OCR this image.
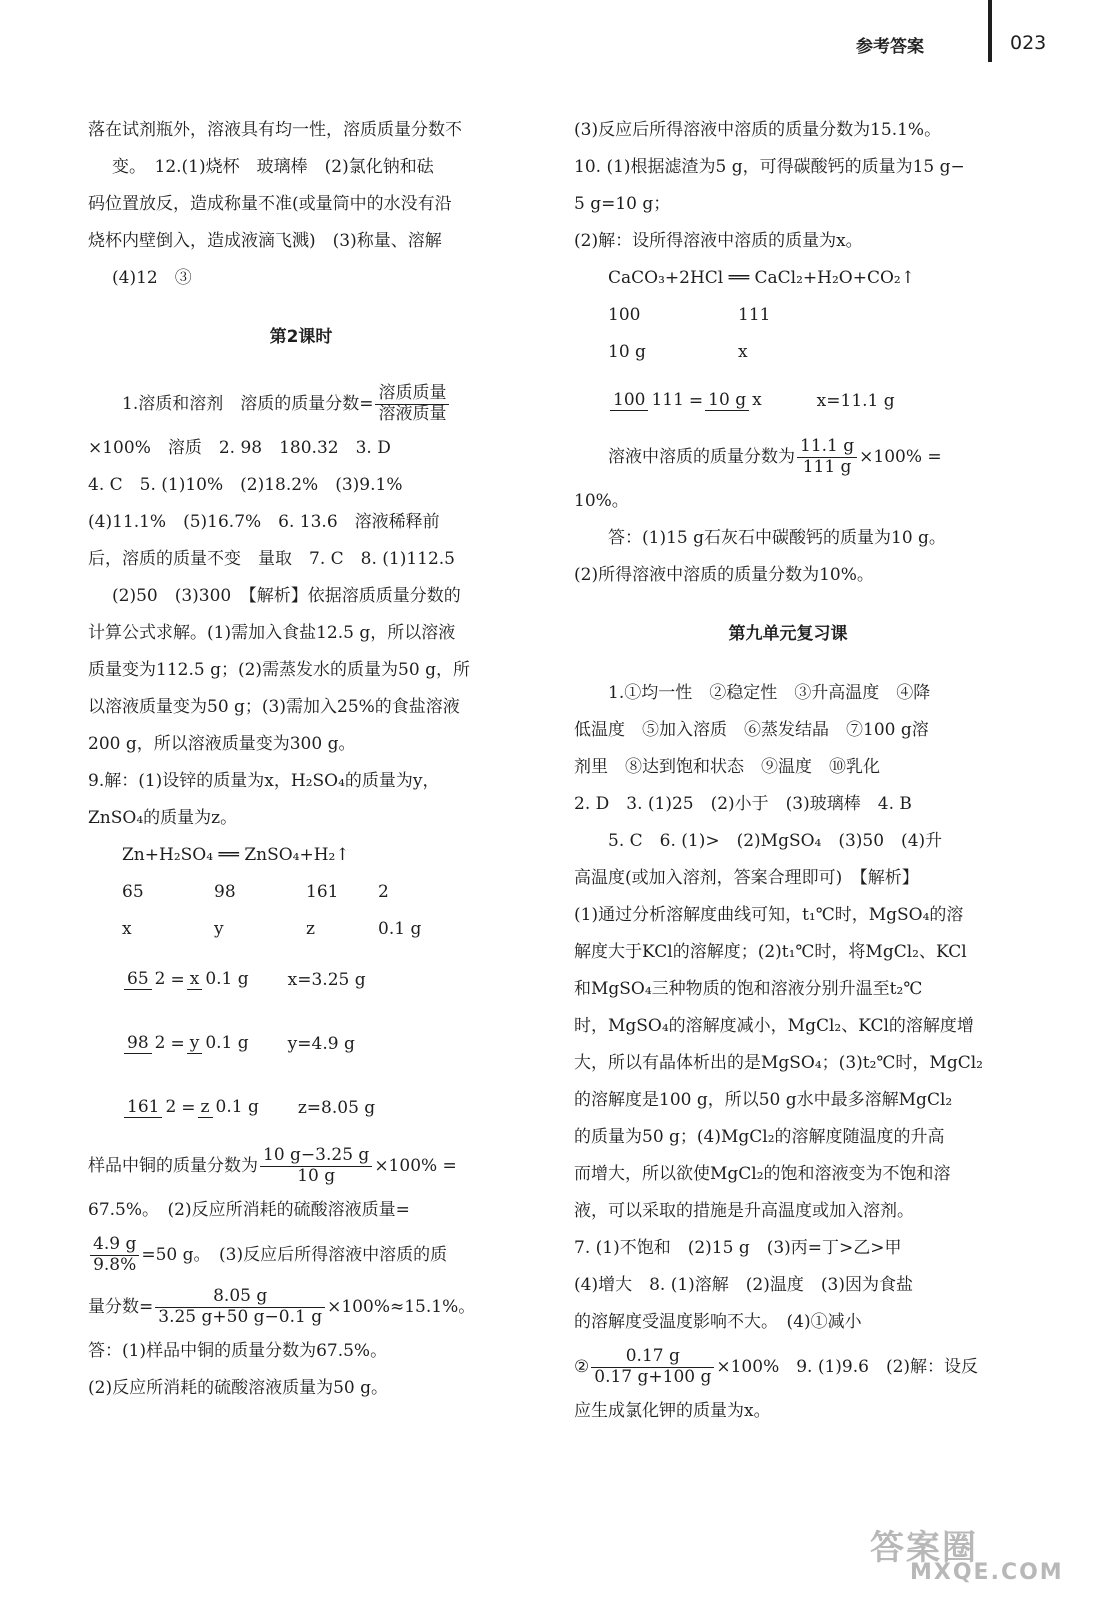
参考答案	023
落在试剂瓶外，溶液具有均一性，溶质质量分数不
变。　12.(1)烧杯　玻璃棒　(2)氯化钠和砝
码位置放反，造成称量不准(或量筒中的水没有沿
烧杯内壁倒入，造成液滴飞溅)　(3)称量、溶解
(4)12　③
第2课时
1.溶质和溶剂　溶质的质量分数= $\frac{\text{溶质质量}}{\text{溶液质量}}$
×100%　溶质　2. 98　180.32　3. D
4. C　5. (1)10%　(2)18.2%　(3)9.1%
(4)11.1%　(5)16.7%　6. 13.6　溶液稀释前
后，溶质的质量不变　量取　7. C　8. (1)112.5
(2)50　(3)300　【解析】依据溶质质量分数的
计算公式求解。(1)需加入食盐12.5 g，所以溶液
质量变为112.5 g；(2)需蒸发水的质量为50 g，所
以溶液质量变为50 g；(3)需加入25%的食盐溶液
200 g，所以溶液质量变为300 g。
9.解：(1)设锌的质量为x，H₂SO₄的质量为y，
ZnSO₄的质量为z。
Zn+H₂SO₄ ══ ZnSO₄+H₂↑
65	98	161	2
x	y	z	0.1 g
65 2 = x 0.1 g x=3.25 g
98 2 = y 0.1 g y=4.9 g
161 2 = z 0.1 g z=8.05 g
样品中铜的质量分数为 $\frac{10 g-3.25 g}{10 g} \times 100\%$ =
67.5%。　(2)反应所消耗的硫酸溶液质量=
$\frac{4.9 g}{9.8\%} =50$ g。　(3)反应后所得溶液中溶质的质
量分数= $\frac{8.05 g}{3.25 g+50 g-0.1 g} \times 100\%\approx 15.1\%$。
答：(1)样品中铜的质量分数为67.5%。
(2)反应所消耗的硫酸溶液质量为50 g。
(3)反应后所得溶液中溶质的质量分数为15.1%。
10. (1)根据滤渣为5 g，可得碳酸钙的质量为15 g−
5 g=10 g；
(2)解：设所得溶液中溶质的质量为x。
CaCO₃+2HCl ══ CaCl₂+H₂O+CO₂↑
100	111
10 g	x
100 111 = 10 g x	x=11.1 g
溶液中溶质的质量分数为 $\frac{11.1 g}{111 g} \times 100\%$ =
10%。
答：(1)15 g石灰石中碳酸钙的质量为10 g。
(2)所得溶液中溶质的质量分数为10%。
第九单元复习课
1.①均一性　②稳定性　③升高温度　④降
低温度　⑤加入溶质　⑥蒸发结晶　⑦100 g溶
剂里　⑧达到饱和状态　⑨温度　⑩乳化
2. D　3. (1)25　(2)小于　(3)玻璃棒　4. B
5. C　6. (1)>　(2)MgSO₄　(3)50　(4)升
高温度(或加入溶剂，答案合理即可)　【解析】
(1)通过分析溶解度曲线可知，t₁℃时，MgSO₄的溶
解度大于KCl的溶解度；(2)t₁℃时，将MgCl₂、KCl
和MgSO₄三种物质的饱和溶液分别升温至t₂℃
时，MgSO₄的溶解度减小，MgCl₂、KCl的溶解度增
大，所以有晶体析出的是MgSO₄；(3)t₂℃时，MgCl₂
的溶解度是100 g，所以50 g水中最多溶解MgCl₂
的质量为50 g；(4)MgCl₂的溶解度随温度的升高
而增大，所以欲使MgCl₂的饱和溶液变为不饱和溶
液，可以采取的措施是升高温度或加入溶剂。
7. (1)不饱和　(2)15 g　(3)丙=丁>乙>甲
(4)增大　8. (1)溶解　(2)温度　(3)因为食盐
的溶解度受温度影响不大。　(4)①减小
② $\frac{0.17 g}{0.17 g+100 g} \times 100\%$　9. (1)9.6　(2)解：设反
应生成氯化钾的质量为x。
答案圈
MXQE.COM
